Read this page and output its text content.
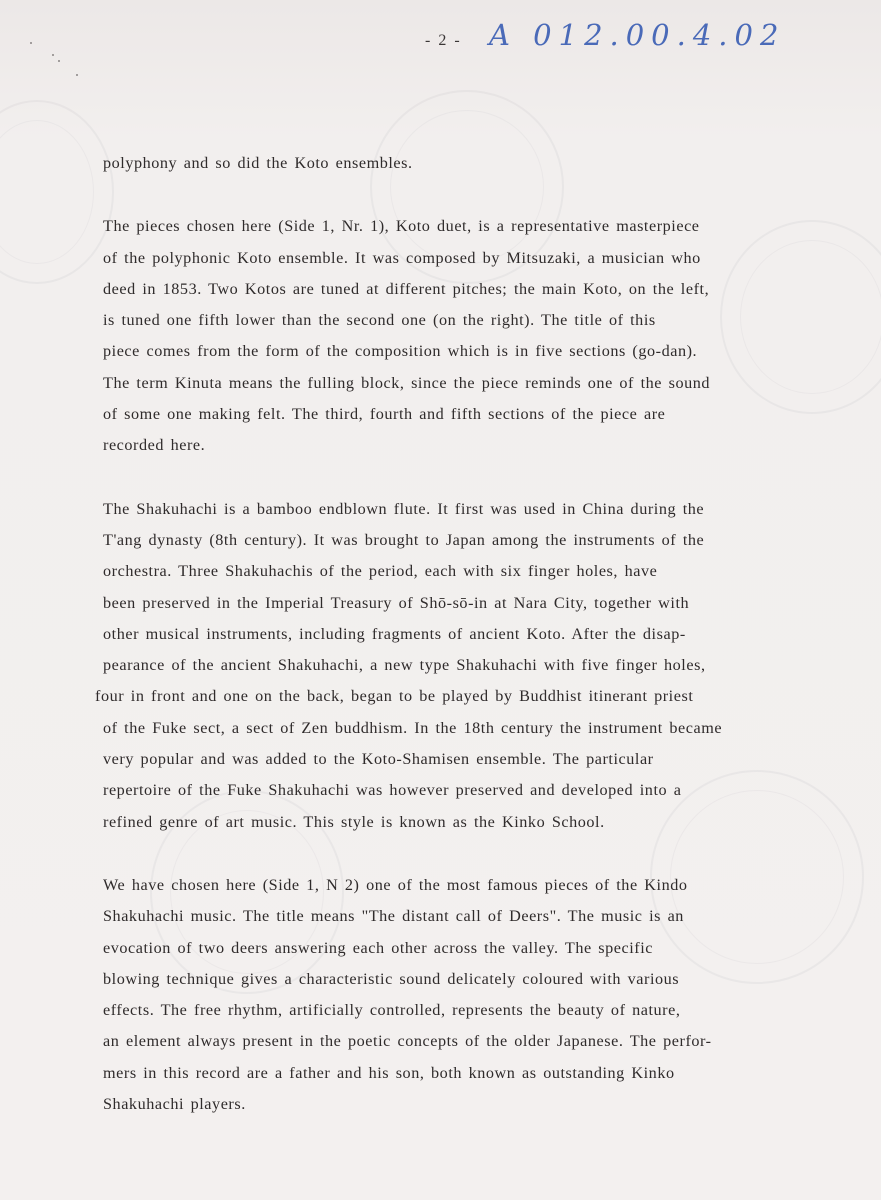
- 2 - A 012.00.4.02

polyphony and so did the Koto ensembles.

The pieces chosen here (Side 1, Nr. 1), Koto duet, is a representative masterpiece
of the polyphonic Koto ensemble. It was composed by Mitsuzaki, a musician who
deed in 1853. Two Kotos are tuned at different pitches; the main Koto, on the left,
is tuned one fifth lower than the second one (on the right). The title of this
piece comes from the form of the composition which is in five sections (go-dan).
The term Kinuta means the fulling block, since the piece reminds one of the sound
of some one making felt. The third, fourth and fifth sections of the piece are
recorded here.

The Shakuhachi is a bamboo endblown flute. It first was used in China during the
T'ang dynasty (8th century). It was brought to Japan among the instruments of the
orchestra. Three Shakuhachis of the period, each with six finger holes, have
been preserved in the Imperial Treasury of Shō-sō-in at Nara City, together with
other musical instruments, including fragments of ancient Koto. After the disap-
pearance of the ancient Shakuhachi, a new type Shakuhachi with five finger holes,
four in front and one on the back, began to be played by Buddhist itinerant priest
of the Fuke sect, a sect of Zen buddhism. In the 18th century the instrument became
very popular and was added to the Koto-Shamisen ensemble. The particular
repertoire of the Fuke Shakuhachi was however preserved and developed into a
refined genre of art music. This style is known as the Kinko School.

We have chosen here (Side 1, N 2) one of the most famous pieces of the Kindo
Shakuhachi music. The title means "The distant call of Deers". The music is an
evocation of two deers answering each other across the valley. The specific
blowing technique gives a characteristic sound delicately coloured with various
effects. The free rhythm, artificially controlled, represents the beauty of nature,
an element always present in the poetic concepts of the older Japanese. The perfor-
mers in this record are a father and his son, both known as outstanding Kinko
Shakuhachi players.
